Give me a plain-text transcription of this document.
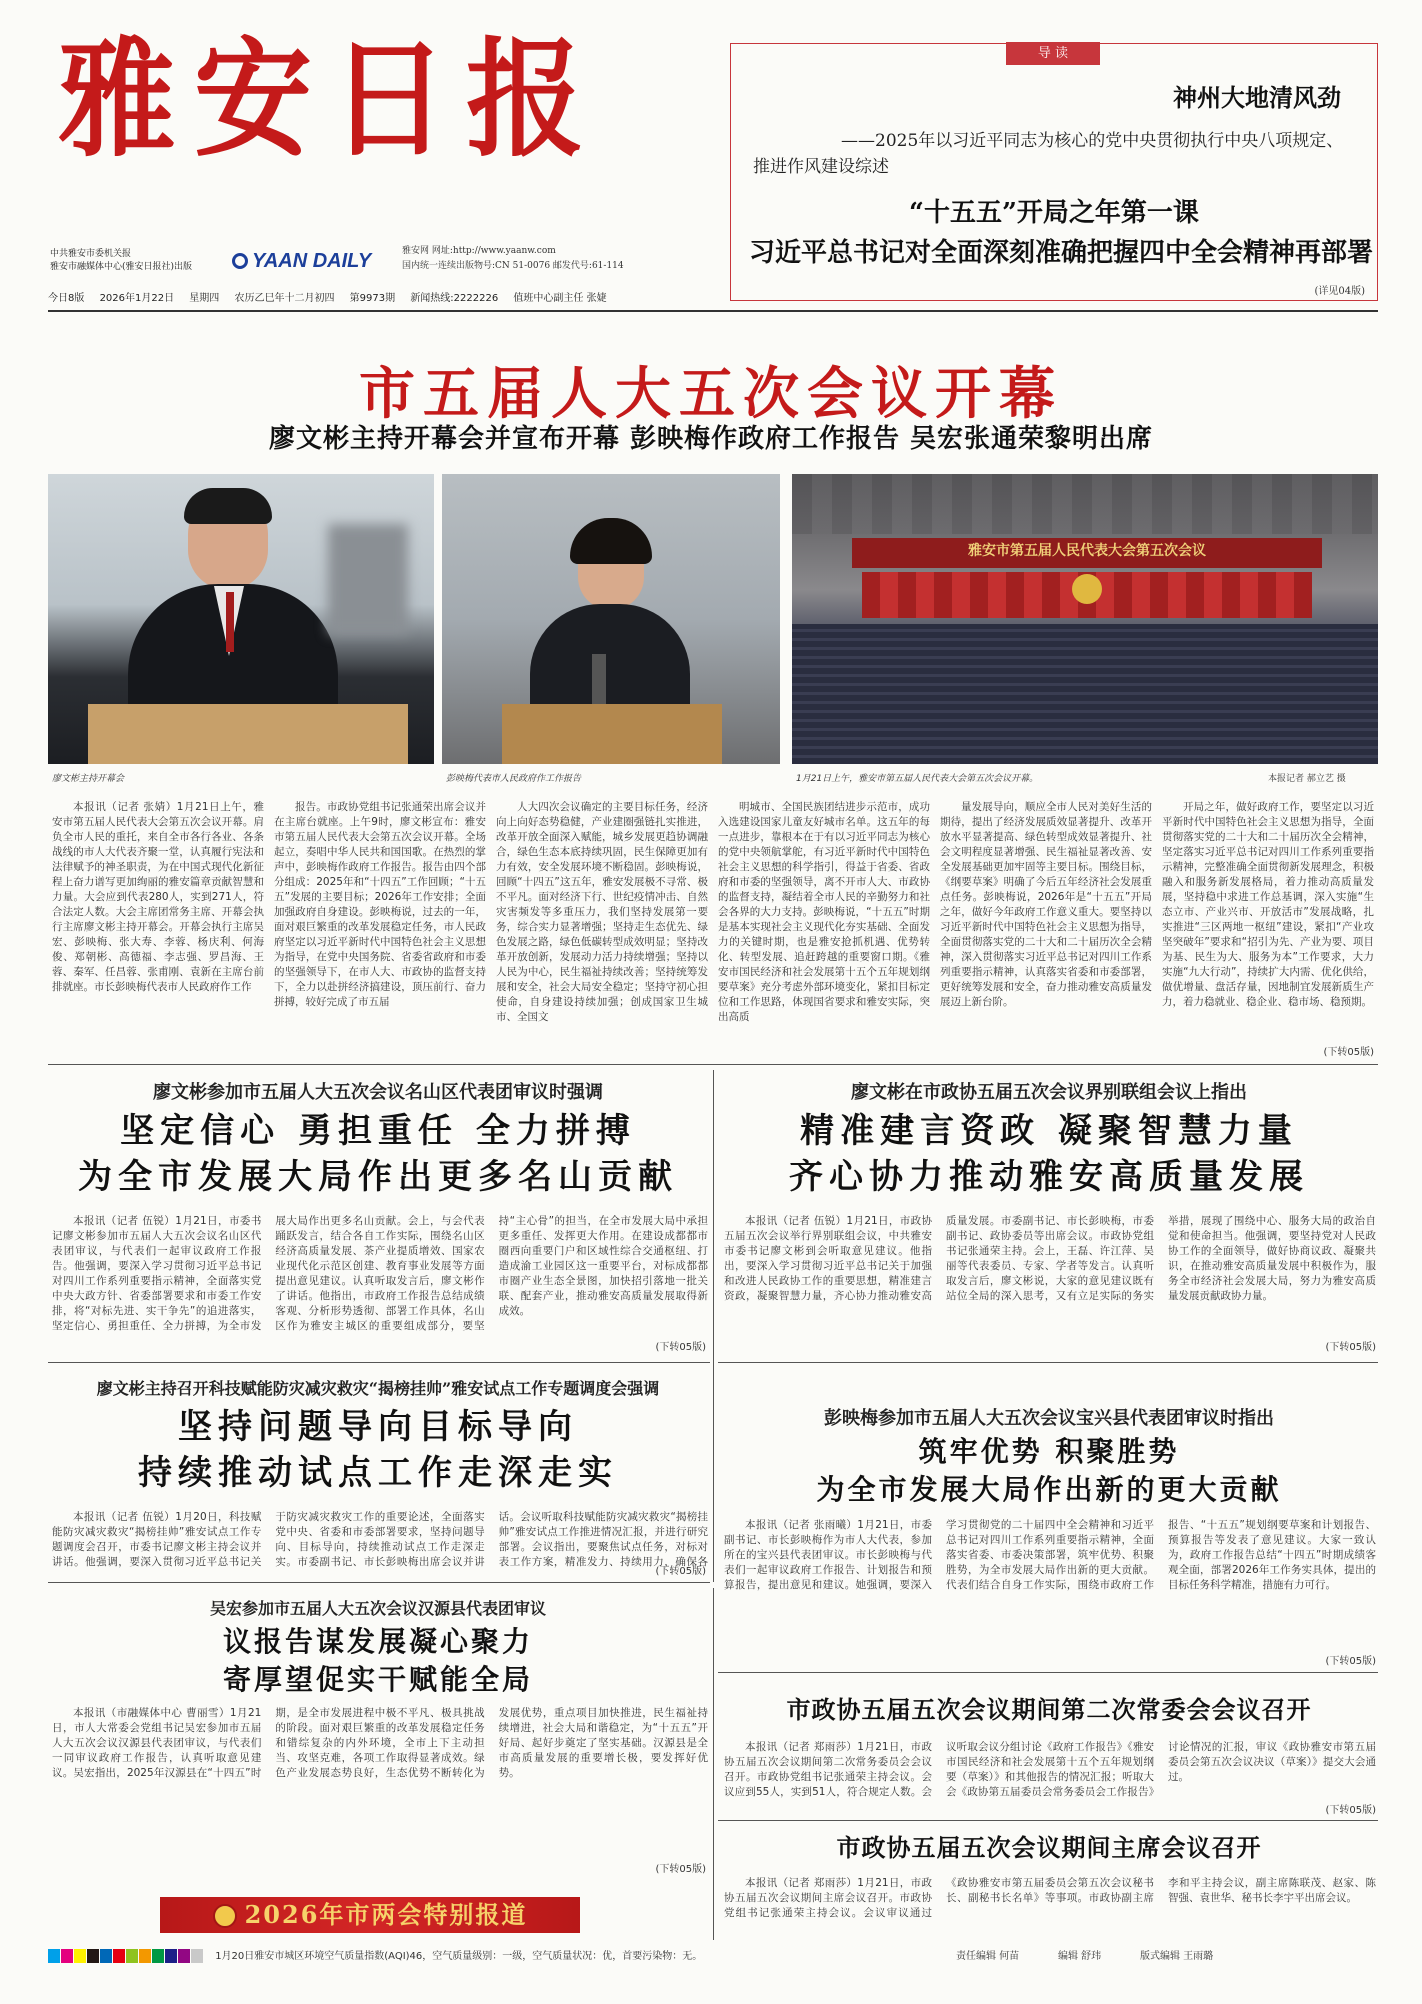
雅安日报
中共雅安市委机关报
雅安市融媒体中心(雅安日报社)出版	YAAN DAILY	雅安网 网址:http://www.yaanw.com
国内统一连续出版物号:CN 51-0076 邮发代号:61-114
导 读
神州大地清风劲
——2025年以习近平同志为核心的党中央贯彻执行中央八项规定、推进作风建设综述
“十五五”开局之年第一课
习近平总书记对全面深刻准确把握四中全会精神再部署
(详见04版)
今日8版 2026年1月22日 星期四 农历乙巳年十二月初四 第9973期 新闻热线:2222226 值班中心副主任 张婕
市五届人大五次会议开幕
廖文彬主持开幕会并宣布开幕 彭映梅作政府工作报告 吴宏张通荣黎明出席
雅安市第五届人民代表大会第五次会议
廖文彬主持开幕会	彭映梅代表市人民政府作工作报告	1月21日上午，雅安市第五届人民代表大会第五次会议开幕。	本报记者 郝立艺 摄

本报讯（记者 张婧）1月21日上午，雅安市第五届人民代表大会第五次会议开幕。肩负全市人民的重托，来自全市各行各业、各条战线的市人大代表齐聚一堂，认真履行宪法和法律赋予的神圣职责，为在中国式现代化新征程上奋力谱写更加绚丽的雅安篇章贡献智慧和力量。大会应到代表280人，实到271人，符合法定人数。大会主席团常务主席、开幕会执行主席廖文彬主持开幕会。开幕会执行主席吴宏、彭映梅、张大寿、李蓉、杨庆利、何海俊、郑朝彬、高德福、李志强、罗昌海、王蓉、秦军、任昌蓉、张甫刚、袁新在主席台前排就座。市长彭映梅代表市人民政府作工作

报告。市政协党组书记张通荣出席会议并在主席台就座。上午9时，廖文彬宣布：雅安市第五届人民代表大会第五次会议开幕。全场起立，奏唱中华人民共和国国歌。在热烈的掌声中，彭映梅作政府工作报告。报告由四个部分组成：2025年和“十四五”工作回顾；“十五五”发展的主要目标；2026年工作安排；全面加强政府自身建设。彭映梅说，过去的一年，面对艰巨繁重的改革发展稳定任务，市人民政府坚定以习近平新时代中国特色社会主义思想为指导，在党中央国务院、省委省政府和市委的坚强领导下，在市人大、市政协的监督支持下，全力以赴拼经济搞建设，顶压前行、奋力拼搏，较好完成了市五届

人大四次会议确定的主要目标任务，经济向上向好态势稳健，产业建圈强链扎实推进，改革开放全面深入赋能，城乡发展更趋协调融合，绿色生态本底持续巩固，民生保障更加有力有效，安全发展环境不断稳固。彭映梅说，回顾“十四五”这五年，雅安发展极不寻常、极不平凡。面对经济下行、世纪疫情冲击、自然灾害频发等多重压力，我们坚持发展第一要务，综合实力显著增强；坚持走生态优先、绿色发展之路，绿色低碳转型成效明显；坚持改革开放创新，发展动力活力持续增强；坚持以人民为中心，民生福祉持续改善；坚持统筹发展和安全，社会大局安全稳定；坚持守初心担使命，自身建设持续加强；创成国家卫生城市、全国文

明城市、全国民族团结进步示范市，成功入选建设国家儿童友好城市名单。这五年的每一点进步，靠根本在于有以习近平同志为核心的党中央领航掌舵，有习近平新时代中国特色社会主义思想的科学指引，得益于省委、省政府和市委的坚强领导，离不开市人大、市政协的监督支持，凝结着全市人民的辛勤努力和社会各界的大力支持。彭映梅说，“十五五”时期是基本实现社会主义现代化夯实基础、全面发力的关键时期，也是雅安抢抓机遇、优势转化、转型发展、追赶跨越的重要窗口期。《雅安市国民经济和社会发展第十五个五年规划纲要草案》充分考虑外部环境变化，紧扣目标定位和工作思路，体现国省要求和雅安实际，突出高质

量发展导向，顺应全市人民对美好生活的期待，提出了经济发展质效显著提升、改革开放水平显著提高、绿色转型成效显著提升、社会文明程度显著增强、民生福祉显著改善、安全发展基础更加牢固等主要目标。围绕目标，《纲要草案》明确了今后五年经济社会发展重点任务。彭映梅说，2026年是“十五五”开局之年，做好今年政府工作意义重大。要坚持以习近平新时代中国特色社会主义思想为指导，全面贯彻落实党的二十大和二十届历次全会精神，深入贯彻落实习近平总书记对四川工作系列重要指示精神，认真落实省委和市委部署，更好统筹发展和安全，奋力推动雅安高质量发展迈上新台阶。

开局之年，做好政府工作，要坚定以习近平新时代中国特色社会主义思想为指导，全面贯彻落实党的二十大和二十届历次全会精神，坚定落实习近平总书记对四川工作系列重要指示精神，完整准确全面贯彻新发展理念，积极融入和服务新发展格局，着力推动高质量发展，坚持稳中求进工作总基调，深入实施“生态立市、产业兴市、开放活市”发展战略，扎实推进“三区两地一枢纽”建设，紧扣“产业攻坚突破年”要求和“招引为先、产业为要、项目为基、民生为大、服务为本”工作要求，大力实施“九大行动”，持续扩大内需、优化供给，做优增量、盘活存量，因地制宜发展新质生产力，着力稳就业、稳企业、稳市场、稳预期。

(下转05版)
廖文彬参加市五届人大五次会议名山区代表团审议时强调
坚定信心 勇担重任 全力拼搏
为全市发展大局作出更多名山贡献

本报讯（记者 伍锐）1月21日，市委书记廖文彬参加市五届人大五次会议名山区代表团审议，与代表们一起审议政府工作报告。他强调，要深入学习贯彻习近平总书记对四川工作系列重要指示精神，全面落实党中央大政方针、省委部署要求和市委工作安排，将“对标先进、实干争先”的追进落实，坚定信心、勇担重任、全力拼搏，为全市发展大局作出更多名山贡献。会上，与会代表踊跃发言，结合各自工作实际，围绕名山区经济高质量发展、茶产业提质增效、国家农业现代化示范区创建、教育事业发展等方面提出意见建议。认真听取发言后，廖文彬作了讲话。他指出，市政府工作报告总结成绩客观、分析形势透彻、部署工作具体，名山区作为雅安主城区的重要组成部分，要坚持“主心骨”的担当，在全市发展大局中承担更多重任、发挥更大作用。在建设成都都市圈西向重要门户和区域性综合交通枢纽、打造成渝工业园区这一重要平台，对标成都都市圈产业生态全景图，加快招引落地一批关联、配套产业，推动雅安高质量发展取得新成效。

(下转05版)
廖文彬在市政协五届五次会议界别联组会议上指出
精准建言资政 凝聚智慧力量
齐心协力推动雅安高质量发展

本报讯（记者 伍锐）1月21日，市政协五届五次会议举行界别联组会议，中共雅安市委书记廖文彬到会听取意见建议。他指出，要深入学习贯彻习近平总书记关于加强和改进人民政协工作的重要思想，精准建言资政，凝聚智慧力量，齐心协力推动雅安高质量发展。市委副书记、市长彭映梅，市委副书记、政协委员等出席会议。市政协党组书记张通荣主持。会上，王磊、许江萍、吴丽等代表委员、专家、学者等发言。认真听取发言后，廖文彬说，大家的意见建议既有站位全局的深入思考，又有立足实际的务实举措，展现了围绕中心、服务大局的政治自觉和使命担当。他强调，要坚持党对人民政协工作的全面领导，做好协商议政、凝聚共识，在推动雅安高质量发展中积极作为，服务全市经济社会发展大局，努力为雅安高质量发展贡献政协力量。

(下转05版)
廖文彬主持召开科技赋能防灾减灾救灾“揭榜挂帅”雅安试点工作专题调度会强调
坚持问题导向目标导向
持续推动试点工作走深走实

本报讯（记者 伍锐）1月20日，科技赋能防灾减灾救灾“揭榜挂帅”雅安试点工作专题调度会召开，市委书记廖文彬主持会议并讲话。他强调，要深入贯彻习近平总书记关于防灾减灾救灾工作的重要论述，全面落实党中央、省委和市委部署要求，坚持问题导向、目标导向，持续推动试点工作走深走实。市委副书记、市长彭映梅出席会议并讲话。会议听取科技赋能防灾减灾救灾“揭榜挂帅”雅安试点工作推进情况汇报，并进行研究部署。会议指出，要聚焦试点任务，对标对表工作方案，精准发力、持续用力，确保各

(下转05版)
彭映梅参加市五届人大五次会议宝兴县代表团审议时指出
筑牢优势 积聚胜势
为全市发展大局作出新的更大贡献

本报讯（记者 张雨曦）1月21日，市委副书记、市长彭映梅作为市人大代表，参加所在的宝兴县代表团审议。市长彭映梅与代表们一起审议政府工作报告、计划报告和预算报告，提出意见和建议。她强调，要深入学习贯彻党的二十届四中全会精神和习近平总书记对四川工作系列重要指示精神，全面落实省委、市委决策部署，筑牢优势、积聚胜势，为全市发展大局作出新的更大贡献。代表们结合自身工作实际，围绕市政府工作报告、“十五五”规划纲要草案和计划报告、预算报告等发表了意见建议。大家一致认为，政府工作报告总结“十四五”时期成绩客观全面，部署2026年工作务实具体，提出的目标任务科学精准，措施有力可行。

(下转05版)
吴宏参加市五届人大五次会议汉源县代表团审议
议报告谋发展凝心聚力
寄厚望促实干赋能全局

本报讯（市融媒体中心 曹丽雪）1月21日，市人大常委会党组书记吴宏参加市五届人大五次会议汉源县代表团审议，与代表们一同审议政府工作报告，认真听取意见建议。吴宏指出，2025年汉源县在“十四五”时期，是全市发展进程中极不平凡、极具挑战的阶段。面对艰巨繁重的改革发展稳定任务和错综复杂的内外环境，全市上下主动担当、攻坚克难，各项工作取得显著成效。绿色产业发展态势良好，生态优势不断转化为发展优势，重点项目加快推进，民生福祉持续增进，社会大局和谐稳定，为“十五五”开好局、起好步奠定了坚实基础。汉源县是全市高质量发展的重要增长极，要发挥好优势。

(下转05版)
市政协五届五次会议期间第二次常委会会议召开

本报讯（记者 郑雨莎）1月21日，市政协五届五次会议期间第二次常务委员会会议召开。市政协党组书记张通荣主持会议。会议应到55人，实到51人，符合规定人数。会议听取会议分组讨论《政府工作报告》《雅安市国民经济和社会发展第十五个五年规划纲要（草案）》和其他报告的情况汇报；听取大会《政协第五届委员会常务委员会工作报告》讨论情况的汇报，审议《政协雅安市第五届委员会第五次会议决议（草案）》提交大会通过。

(下转05版)
市政协五届五次会议期间主席会议召开

本报讯（记者 郑雨莎）1月21日，市政协五届五次会议期间主席会议召开。市政协党组书记张通荣主持会议。会议审议通过《政协雅安市第五届委员会第五次会议秘书长、副秘书长名单》等事项。市政协副主席李和平主持会议，副主席陈联茂、赵家、陈智强、袁世华、秘书长李宇平出席会议。

2026年市两会特别报道
1月20日雅安市城区环境空气质量指数(AQI)46，空气质量级别：一级，空气质量状况：优，首要污染物：无。	责任编辑 何苗	编辑 舒玮	版式编辑 王雨璐
